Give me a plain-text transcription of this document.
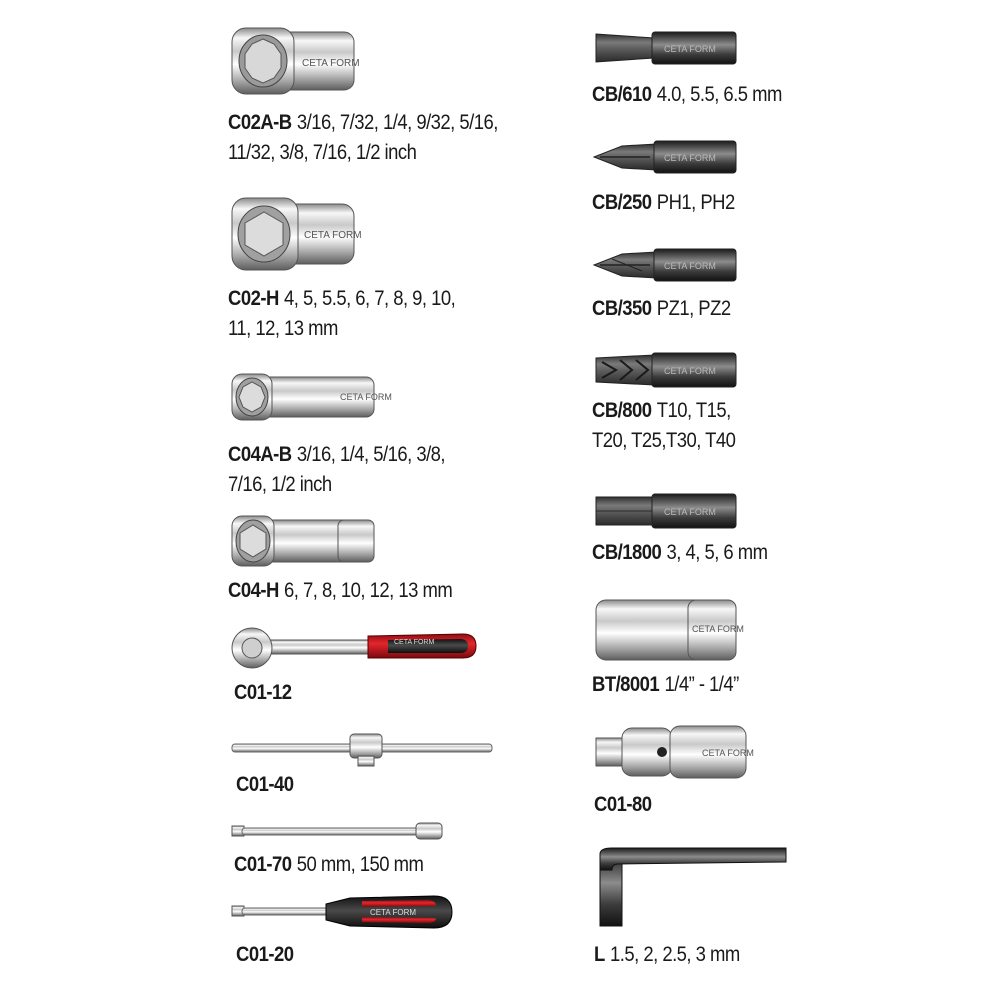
CETA FORM
C02A-B 3/16, 7/32, 1/4, 9/32, 5/16,
11/32, 3/8, 7/16, 1/2 inch
CETA FORM
C02-H 4, 5, 5.5, 6, 7, 8, 9, 10,
11, 12, 13 mm
CETA FORM
C04A-B 3/16, 1/4, 5/16, 3/8,
7/16, 1/2 inch
C04-H 6, 7, 8, 10, 12, 13 mm
CETA FORM
C01-12
C01-40
C01-70 50 mm, 150 mm
CETA FORM
C01-20
CETA FORM
CB/610 4.0, 5.5, 6.5 mm
CETA FORM
CB/250 PH1, PH2
CETA FORM
CB/350 PZ1, PZ2
CETA FORM
CB/800 T10, T15,
T20, T25,T30, T40
CETA FORM
CB/1800 3, 4, 5, 6 mm
CETA FORM
BT/8001 1/4” - 1/4”
CETA FORM
C01-80
L 1.5, 2, 2.5, 3 mm
